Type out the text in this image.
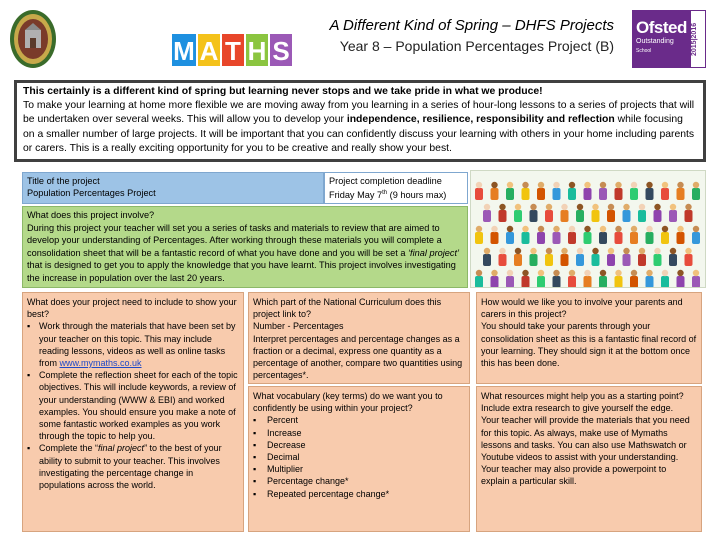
M A T H S
A Different Kind of Spring – DHFS Projects
Year 8 – Population Percentages Project (B)
Ofsted
Outstanding
School	2015|2016
This certainly is a different kind of spring but learning never stops and we take pride in what we produce!
To make your learning at home more flexible we are moving away from you learning in a series of hour-long lessons to a series of projects that will be undertaken over several weeks. This will allow you to develop your independence, resilience, responsibility and reflection while focusing on a smaller number of large projects. It will be important that you can confidently discuss your learning with others in your home including parents or carers. This is a really exciting opportunity for you to be creative and really show your best.
Title of the project
Population Percentages Project
Project completion deadline
Friday May 7th (9 hours max)
What does this project involve?
During this project your teacher will set you a series of tasks and materials to review that are aimed to develop your understanding of Percentages. After working through these materials you will complete a consolidation sheet that will be a fantastic record of what you have done and you will be set a ‘final project’ that is designed to get you to apply the knowledge that you have learnt. This project involves investigating the increase in population over the last 20 years.
What does your project need to include to show your best?
▪ Work through the materials that have been set by your teacher on this topic. This may include reading lessons, videos as well as online tasks from www.mymaths.co.uk
▪ Complete the reflection sheet for each of the topic objectives. This will include keywords, a review of your understanding (WWW & EBI) and worked examples. You should ensure you make a note of some fantastic worked examples as you work through the topic to help you.
▪ Complete the “final project” to the best of your ability to submit to your teacher. This involves investigating the percentage change in populations across the world.
Which part of the National Curriculum does this project link to?
Number - Percentages
Interpret percentages and percentage changes as a fraction or a decimal, express one quantity as a percentage of another, compare two quantities using percentages*.
What vocabulary (key terms) do we want you to confidently be using within your project?
▪ Percent
▪ Increase
▪ Decrease
▪ Decimal
▪ Multiplier
▪ Percentage change*
▪ Repeated percentage change*
How would we like you to involve your parents and carers in this project?
You should take your parents through your consolidation sheet as this is a fantastic final record of your learning. They should sign it at the bottom once this has been done.
What resources might help you as a starting point? Include extra research to give yourself the edge.
Your teacher will provide the materials that you need for this topic. As always, make use of Mymaths lessons and tasks. You can also use Mathswatch or Youtube videos to assist with your understanding. Your teacher may also provide a powerpoint to explain a particular skill.
